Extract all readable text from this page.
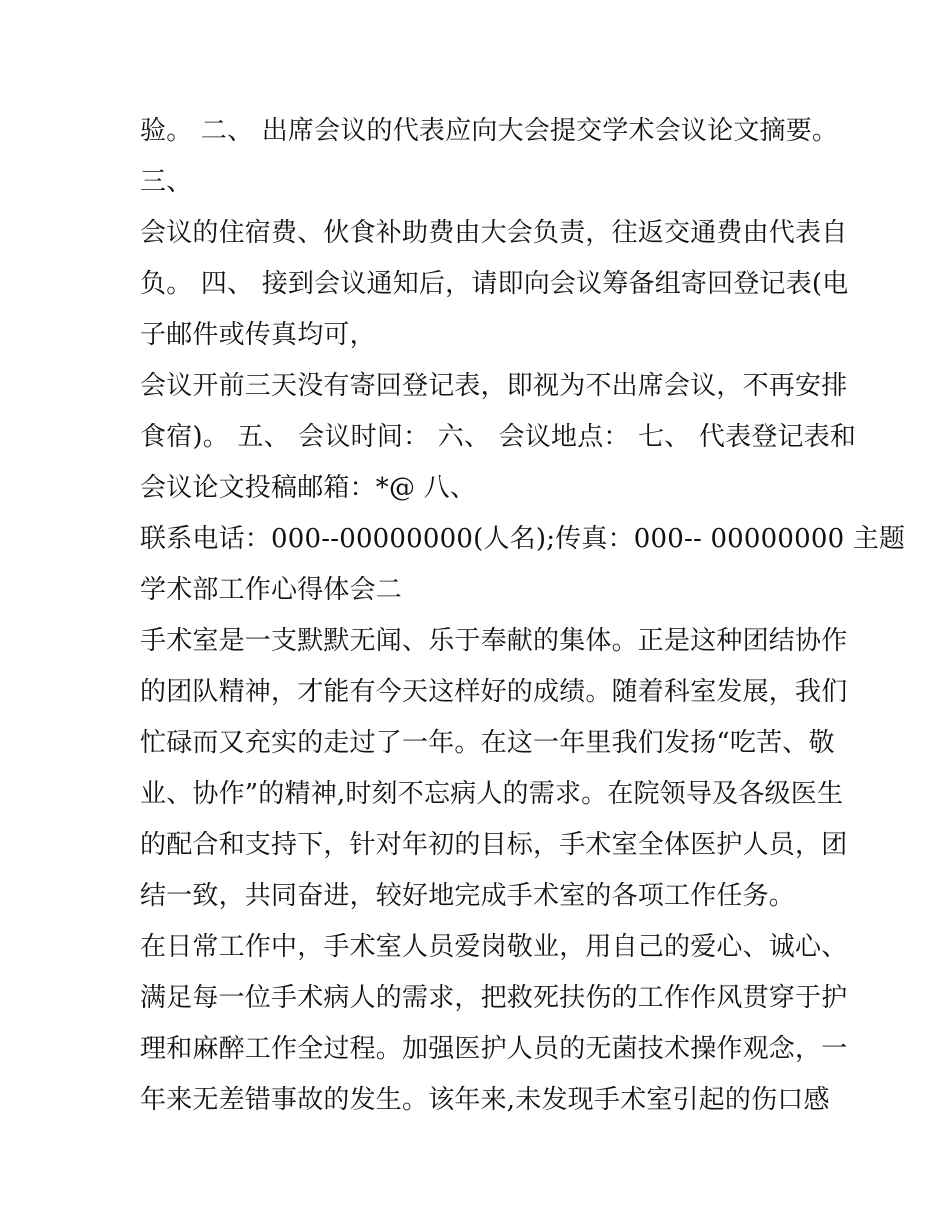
验。 二、 出席会议的代表应向大会提交学术会议论文摘要。
三、
会议的住宿费、伙食补助费由大会负责，往返交通费由代表自
负。 四、 接到会议通知后，请即向会议筹备组寄回登记表(电
子邮件或传真均可，
会议开前三天没有寄回登记表，即视为不出席会议，不再安排
食宿)。 五、 会议时间： 六、 会议地点： 七、 代表登记表和
会议论文投稿邮箱：*@ 八、
联系电话：000--00000000(人名);传真：000-- 00000000 主题
学术部工作心得体会二
手术室是一支默默无闻、乐于奉献的集体。正是这种团结协作
的团队精神，才能有今天这样好的成绩。随着科室发展，我们
忙碌而又充实的走过了一年。在这一年里我们发扬“吃苦、敬
业、协作”的精神,时刻不忘病人的需求。在院领导及各级医生
的配合和支持下，针对年初的目标，手术室全体医护人员，团
结一致，共同奋进，较好地完成手术室的各项工作任务。
在日常工作中，手术室人员爱岗敬业，用自己的爱心、诚心、
满足每一位手术病人的需求，把救死扶伤的工作作风贯穿于护
理和麻醉工作全过程。加强医护人员的无菌技术操作观念，一
年来无差错事故的发生。该年来,未发现手术室引起的伤口感
